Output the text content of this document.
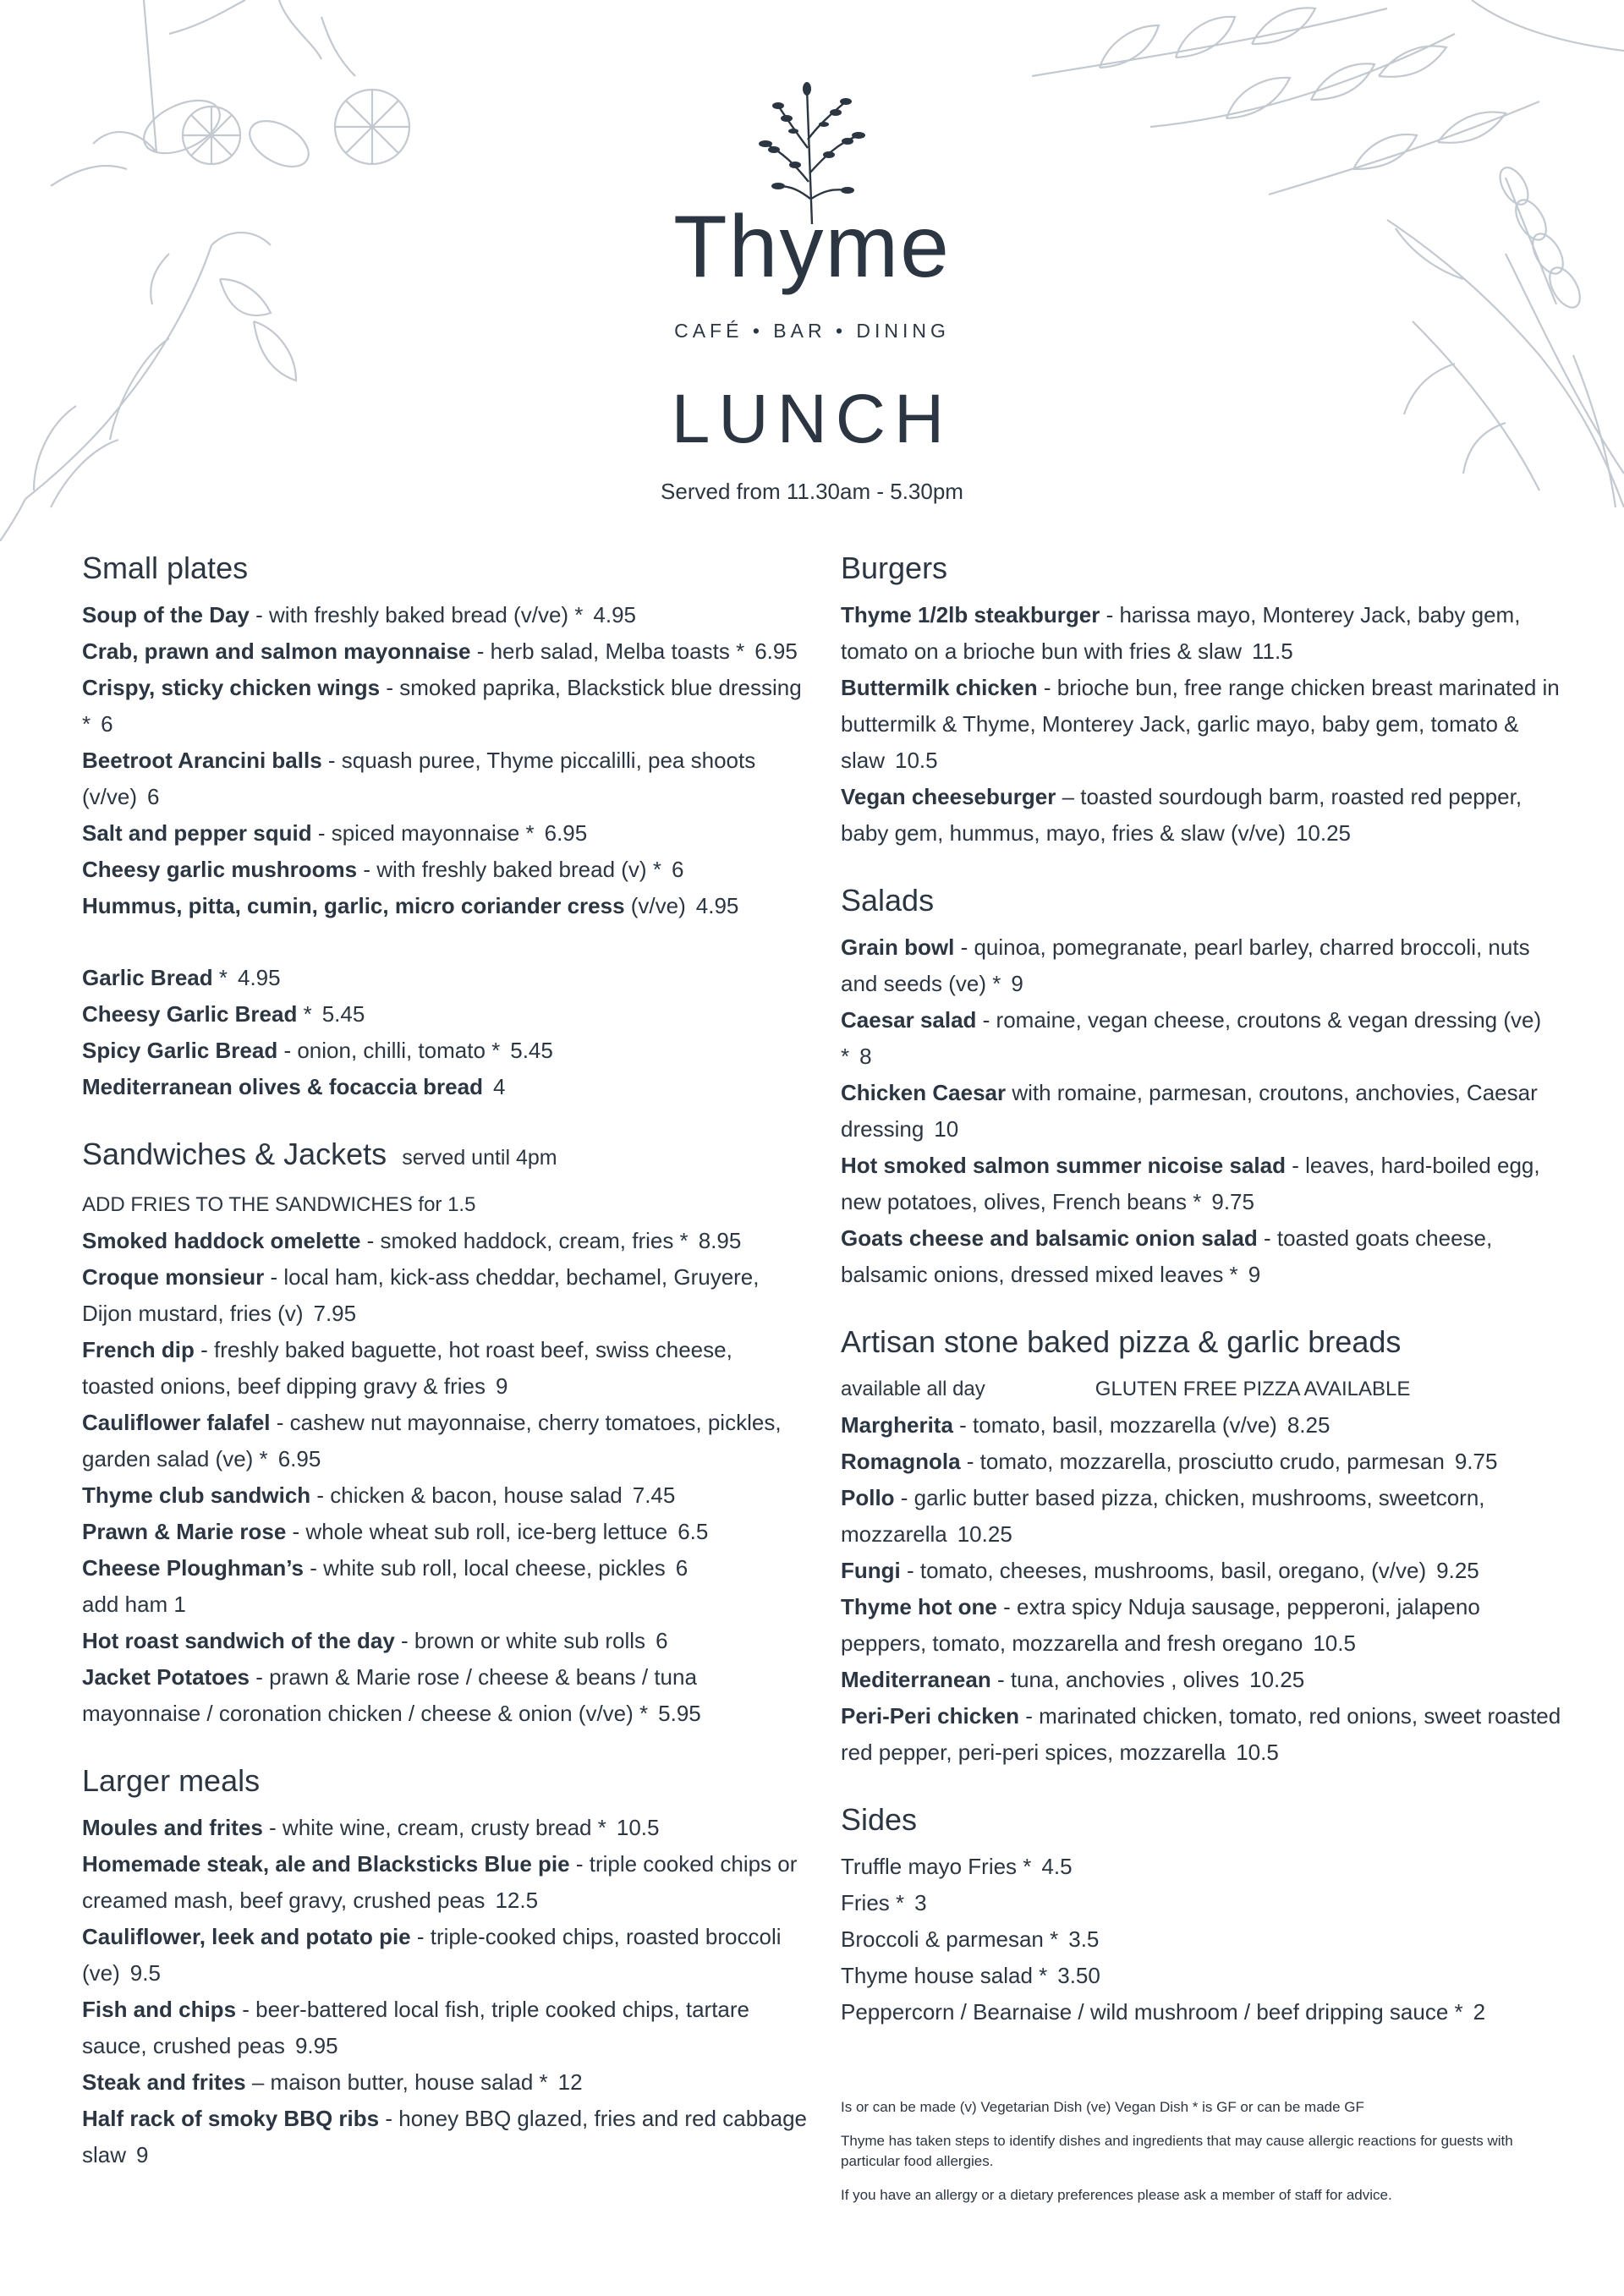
Thyme
CAFÉ • BAR • DINING
LUNCH
Served from 11.30am - 5.30pm
Small plates
Soup of the Day - with freshly baked bread (v/ve) * 4.95
Crab, prawn and salmon mayonnaise - herb salad, Melba toasts * 6.95
Crispy, sticky chicken wings - smoked paprika, Blackstick blue dressing * 6
Beetroot Arancini balls - squash puree, Thyme piccalilli, pea shoots (v/ve) 6
Salt and pepper squid - spiced mayonnaise * 6.95
Cheesy garlic mushrooms - with freshly baked bread (v) * 6
Hummus, pitta, cumin, garlic, micro coriander cress (v/ve) 4.95
Garlic Bread * 4.95
Cheesy Garlic Bread * 5.45
Spicy Garlic Bread - onion, chilli, tomato * 5.45
Mediterranean olives & focaccia bread 4
Sandwiches & Jackets served until 4pm
ADD FRIES TO THE SANDWICHES for 1.5
Smoked haddock omelette - smoked haddock, cream, fries * 8.95
Croque monsieur - local ham, kick-ass cheddar, bechamel, Gruyere, Dijon mustard, fries (v) 7.95
French dip - freshly baked baguette, hot roast beef, swiss cheese, toasted onions, beef dipping gravy & fries 9
Cauliflower falafel - cashew nut mayonnaise, cherry tomatoes, pickles, garden salad (ve) * 6.95
Thyme club sandwich - chicken & bacon, house salad 7.45
Prawn & Marie rose - whole wheat sub roll, ice-berg lettuce 6.5
Cheese Ploughman’s - white sub roll, local cheese, pickles 6
add ham 1
Hot roast sandwich of the day - brown or white sub rolls 6
Jacket Potatoes - prawn & Marie rose / cheese & beans / tuna mayonnaise / coronation chicken / cheese & onion (v/ve) * 5.95
Larger meals
Moules and frites - white wine, cream, crusty bread * 10.5
Homemade steak, ale and Blacksticks Blue pie - triple cooked chips or creamed mash, beef gravy, crushed peas 12.5
Cauliflower, leek and potato pie - triple-cooked chips, roasted broccoli (ve) 9.5
Fish and chips - beer-battered local fish, triple cooked chips, tartare sauce, crushed peas 9.95
Steak and frites – maison butter, house salad * 12
Half rack of smoky BBQ ribs - honey BBQ glazed, fries and red cabbage slaw 9
Burgers
Thyme 1/2lb steakburger - harissa mayo, Monterey Jack, baby gem, tomato on a brioche bun with fries & slaw 11.5
Buttermilk chicken - brioche bun, free range chicken breast marinated in buttermilk & Thyme, Monterey Jack, garlic mayo, baby gem, tomato & slaw 10.5
Vegan cheeseburger – toasted sourdough barm, roasted red pepper, baby gem, hummus, mayo, fries & slaw (v/ve) 10.25
Salads
Grain bowl - quinoa, pomegranate, pearl barley, charred broccoli, nuts and seeds (ve) * 9
Caesar salad - romaine, vegan cheese, croutons & vegan dressing (ve) * 8
Chicken Caesar with romaine, parmesan, croutons, anchovies, Caesar dressing 10
Hot smoked salmon summer nicoise salad - leaves, hard-boiled egg, new potatoes, olives, French beans * 9.75
Goats cheese and balsamic onion salad - toasted goats cheese, balsamic onions, dressed mixed leaves * 9
Artisan stone baked pizza & garlic breads
available all day	GLUTEN FREE PIZZA AVAILABLE
Margherita - tomato, basil, mozzarella (v/ve) 8.25
Romagnola - tomato, mozzarella, prosciutto crudo, parmesan 9.75
Pollo - garlic butter based pizza, chicken, mushrooms, sweetcorn, mozzarella 10.25
Fungi - tomato, cheeses, mushrooms, basil, oregano, (v/ve) 9.25
Thyme hot one - extra spicy Nduja sausage, pepperoni, jalapeno peppers, tomato, mozzarella and fresh oregano 10.5
Mediterranean - tuna, anchovies , olives 10.25
Peri-Peri chicken - marinated chicken, tomato, red onions, sweet roasted red pepper, peri-peri spices, mozzarella 10.5
Sides
Truffle mayo Fries * 4.5
Fries * 3
Broccoli & parmesan * 3.5
Thyme house salad * 3.50
Peppercorn / Bearnaise / wild mushroom / beef dripping sauce * 2

Is or can be made (v) Vegetarian Dish (ve) Vegan Dish * is GF or can be made GF

Thyme has taken steps to identify dishes and ingredients that may cause allergic reactions for guests with particular food allergies.

If you have an allergy or a dietary preferences please ask a member of staff for advice.
